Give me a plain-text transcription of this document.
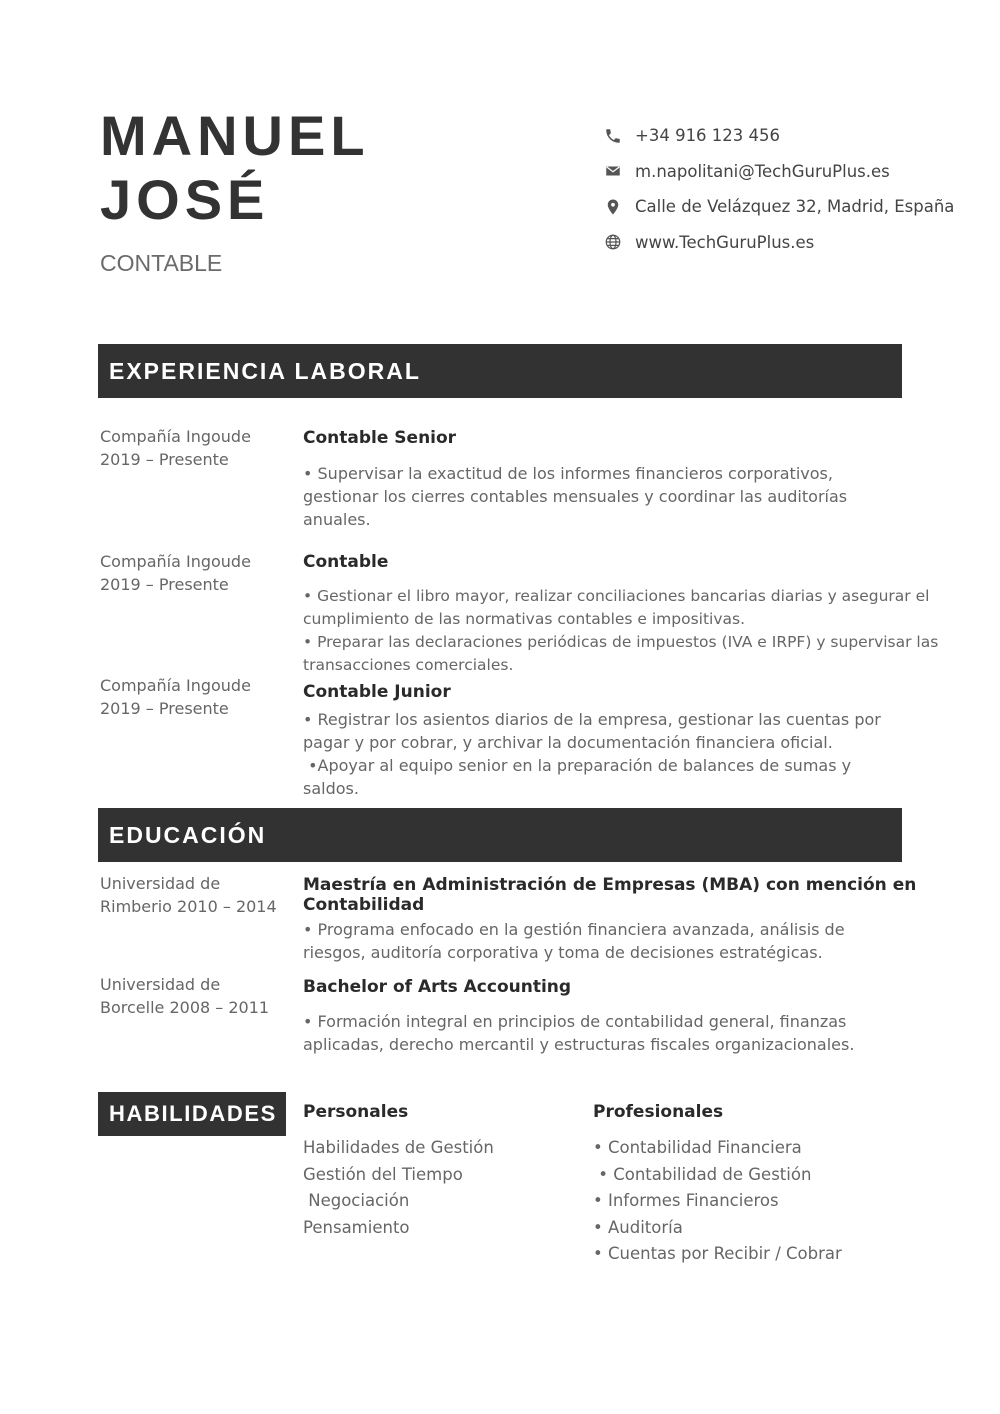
MANUEL
JOSÉ
CONTABLE
+34 916 123 456
m.napolitani@TechGuruPlus.es
Calle de Velázquez 32, Madrid, España
www.TechGuruPlus.es
EXPERIENCIA LABORAL
Compañía Ingoude
2019 – Presente
Contable Senior
• Supervisar la exactitud de los informes financieros corporativos,
gestionar los cierres contables mensuales y coordinar las auditorías
anuales.
Compañía Ingoude
2019 – Presente
Contable
• Gestionar el libro mayor, realizar conciliaciones bancarias diarias y asegurar el
cumplimiento de las normativas contables e impositivas.
• Preparar las declaraciones periódicas de impuestos (IVA e IRPF) y supervisar las
transacciones comerciales.
Compañía Ingoude
2019 – Presente
Contable Junior
• Registrar los asientos diarios de la empresa, gestionar las cuentas por
pagar y por cobrar, y archivar la documentación financiera oficial.
•Apoyar al equipo senior en la preparación de balances de sumas y
saldos.
EDUCACIÓN
Universidad de
Rimberio 2010 – 2014
Maestría en Administración de Empresas (MBA) con mención en
Contabilidad
• Programa enfocado en la gestión financiera avanzada, análisis de
riesgos, auditoría corporativa y toma de decisiones estratégicas.
Universidad de
Borcelle 2008 – 2011
Bachelor of Arts Accounting
• Formación integral en principios de contabilidad general, finanzas
aplicadas, derecho mercantil y estructuras fiscales organizacionales.
HABILIDADES Personales
Habilidades de Gestión
Gestión del Tiempo
Negociación
Pensamiento
Profesionales
• Contabilidad Financiera
• Contabilidad de Gestión
• Informes Financieros
• Auditoría
• Cuentas por Recibir / Cobrar
